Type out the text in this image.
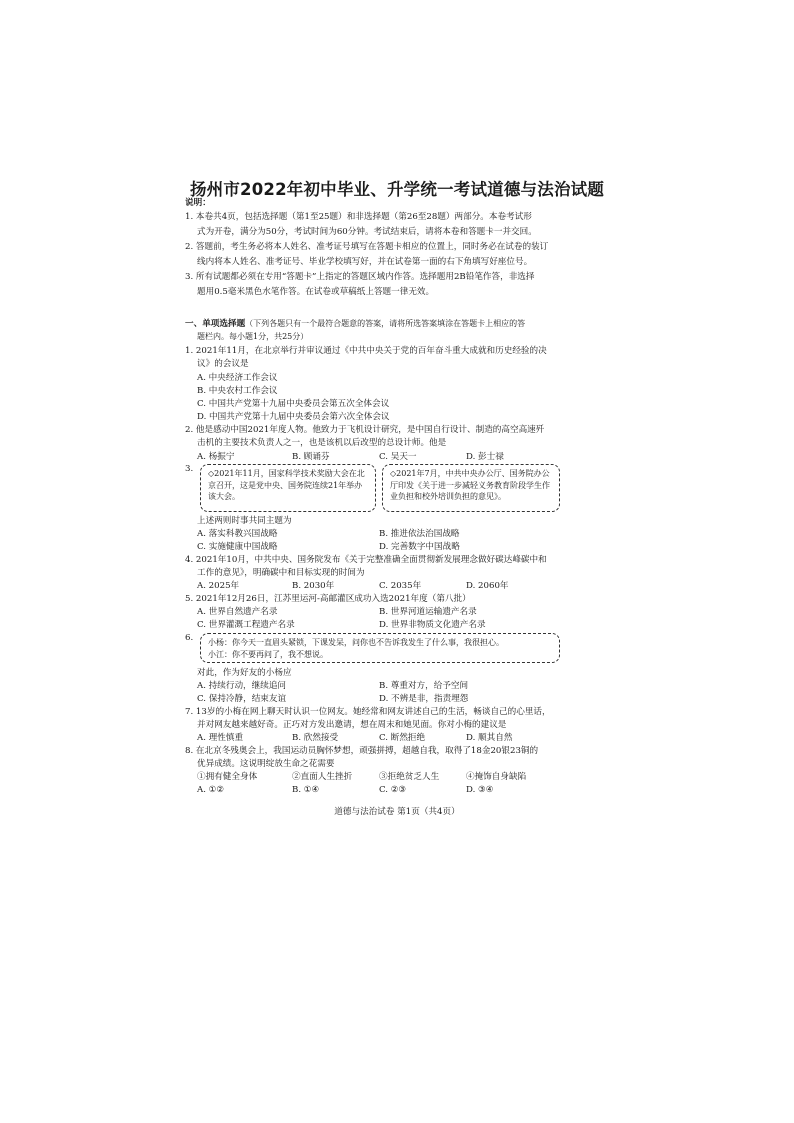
扬州市2022年初中毕业、升学统一考试道德与法治试题
说明：
1. 本卷共4页，包括选择题（第1至25题）和非选择题（第26至28题）两部分。本卷考试形
式为开卷，满分为50分，考试时间为60分钟。考试结束后，请将本卷和答题卡一并交回。
2. 答题前，考生务必将本人姓名、准考证号填写在答题卡相应的位置上，同时务必在试卷的装订
线内将本人姓名、准考证号、毕业学校填写好，并在试卷第一面的右下角填写好座位号。
3. 所有试题都必须在专用“答题卡”上指定的答题区域内作答。选择题用2B铅笔作答，非选择
题用0.5毫米黑色水笔作答。在试卷或草稿纸上答题一律无效。
一、单项选择题（下列各题只有一个最符合题意的答案，请将所选答案填涂在答题卡上相应的答
题栏内。每小题1分，共25分）
1. 2021年11月，在北京举行并审议通过《中共中央关于党的百年奋斗重大成就和历史经验的决
议》的会议是
A. 中央经济工作会议
B. 中央农村工作会议
C. 中国共产党第十九届中央委员会第五次全体会议
D. 中国共产党第十九届中央委员会第六次全体会议
2. 他是感动中国2021年度人物。他致力于飞机设计研究，是中国自行设计、制造的高空高速歼
击机的主要技术负责人之一，也是该机以后改型的总设计师。他是
A. 杨振宁	B. 顾诵芬	C. 吴天一	D. 彭士禄
3.	◇2021年11月，国家科学技术奖励大会在北京召开，这是党中央、国务院连续21年举办该大会。
◇2021年7月，中共中央办公厅、国务院办公厅印发《关于进一步减轻义务教育阶段学生作业负担和校外培训负担的意见》。
上述两则时事共同主题为
A. 落实科教兴国战略	B. 推进依法治国战略
C. 实施健康中国战略	D. 完善数字中国战略
4. 2021年10月，中共中央、国务院发布《关于完整准确全面贯彻新发展理念做好碳达峰碳中和
工作的意见》，明确碳中和目标实现的时间为
A. 2025年	B. 2030年	C. 2035年	D. 2060年
5. 2021年12月26日，江苏里运河-高邮灌区成功入选2021年度（第八批）
A. 世界自然遗产名录	B. 世界河道运输遗产名录
C. 世界灌溉工程遗产名录	D. 世界非物质文化遗产名录
6. 小杨：你今天一直眉头紧锁，下课发呆，问你也不告诉我发生了什么事，我很担心。
小江：你不要再问了，我不想说。
对此，作为好友的小杨应
A. 持续行动，继续追问	B. 尊重对方，给予空间
C. 保持冷静，结束友谊	D. 不辨是非，指责埋怨
7. 13岁的小梅在网上聊天时认识一位网友。她经常和网友讲述自己的生活，畅谈自己的心里话，
并对网友越来越好奇。正巧对方发出邀请，想在周末和她见面。你对小梅的建议是
A. 理性慎重	B. 欣然接受	C. 断然拒绝	D. 顺其自然
8. 在北京冬残奥会上，我国运动员胸怀梦想，顽强拼搏，超越自我，取得了18金20银23铜的
优异成绩。这说明绽放生命之花需要
①拥有健全身体	②直面人生挫折	③拒绝贫乏人生	④掩饰自身缺陷
A. ①②	B. ①④	C. ②③	D. ③④
道德与法治试卷 第1页（共4页）
